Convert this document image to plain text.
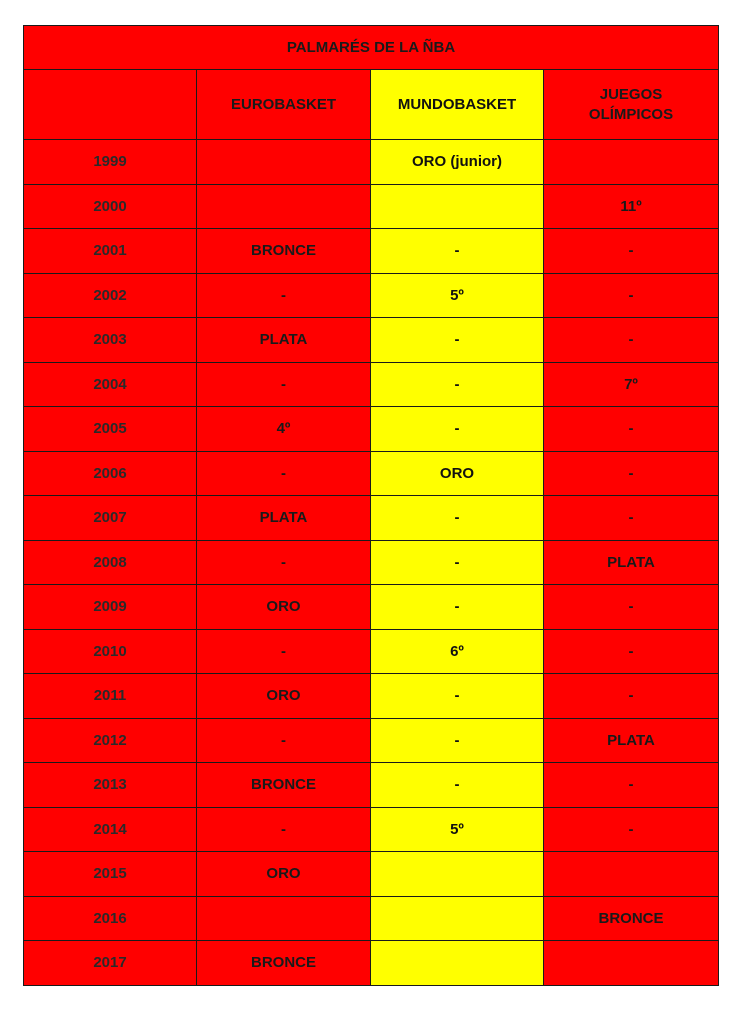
PALMARÉS DE LA ÑBA			
	EUROBASKET	MUNDOBASKET	JUEGOS OLÍMPICOS
1999		ORO (junior)	
2000			11º
2001	BRONCE	-	-
2002	-	5º	-
2003	PLATA	-	-
2004	-	-	7º
2005	4º	-	-
2006	-	ORO	-
2007	PLATA	-	-
2008	-	-	PLATA
2009	ORO	-	-
2010	-	6º	-
2011	ORO	-	-
2012	-	-	PLATA
2013	BRONCE	-	-
2014	-	5º	-
2015	ORO		
2016			BRONCE
2017	BRONCE		
